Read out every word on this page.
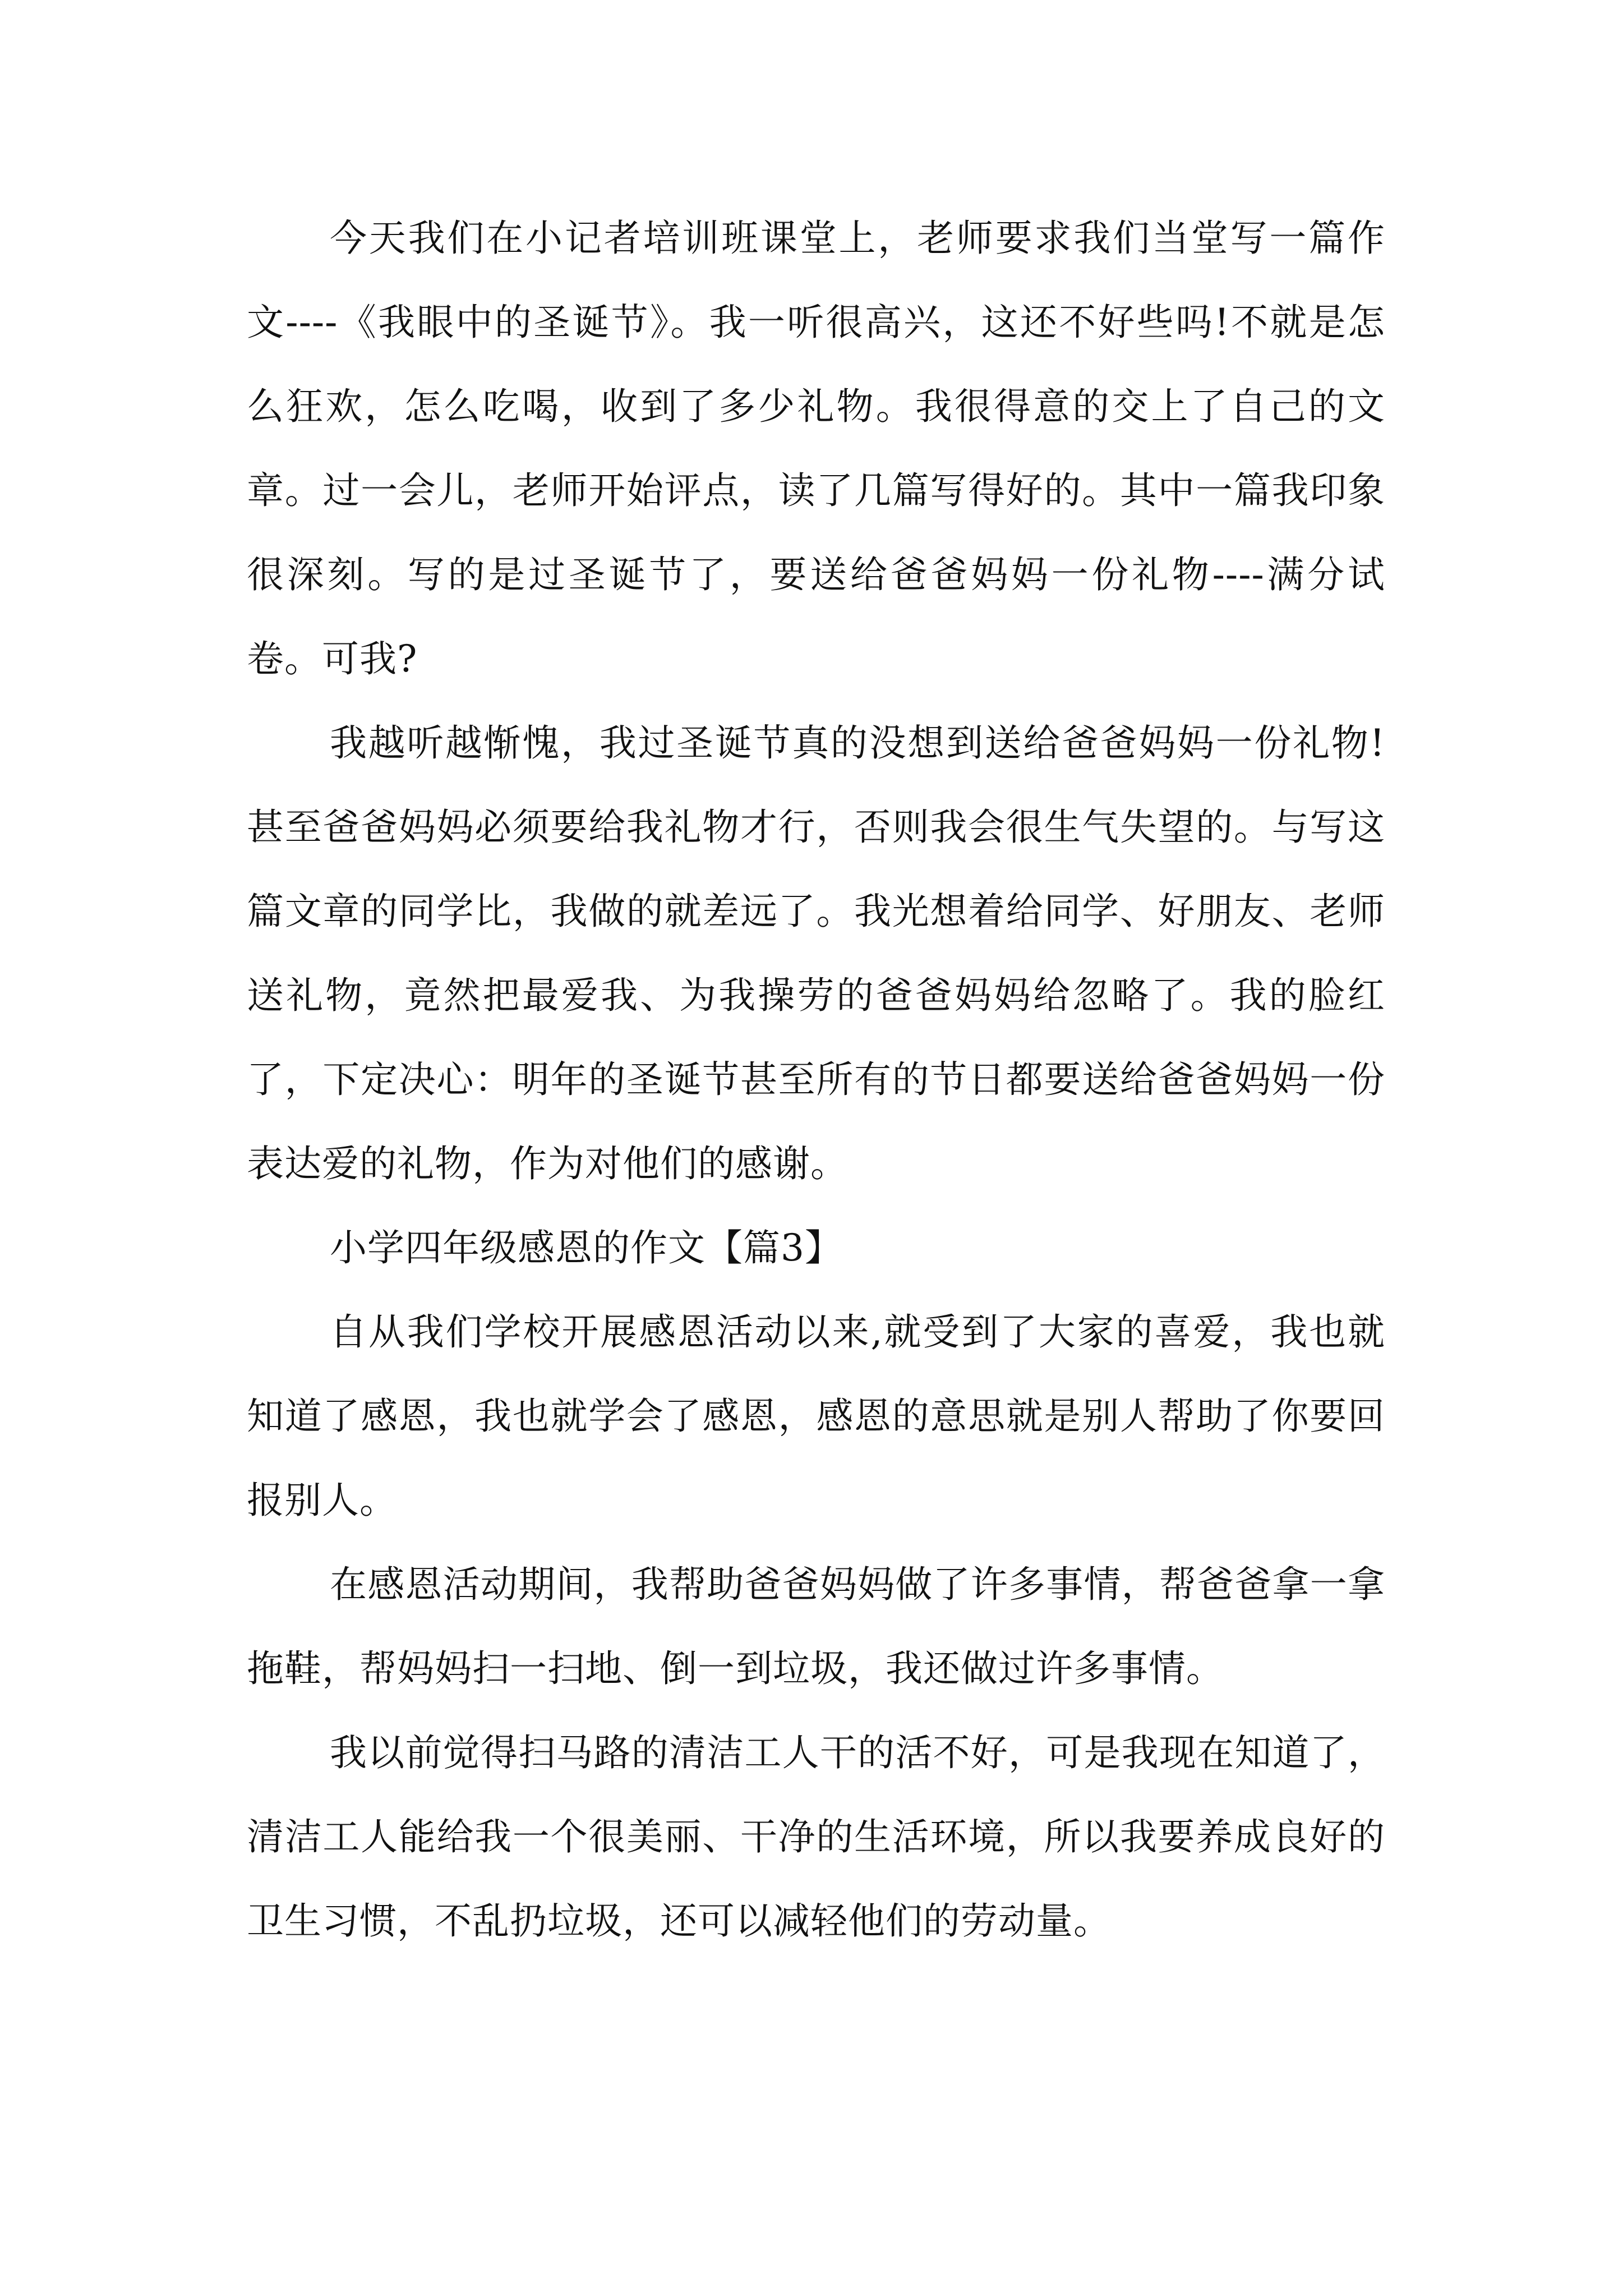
今天我们在小记者培训班课堂上，老师要求我们当堂写一篇作文----《我眼中的圣诞节》。我一听很高兴，这还不好些吗!不就是怎么狂欢，怎么吃喝，收到了多少礼物。我很得意的交上了自己的文章。过一会儿，老师开始评点，读了几篇写得好的。其中一篇我印象很深刻。写的是过圣诞节了，要送给爸爸妈妈一份礼物----满分试卷。可我?

我越听越惭愧，我过圣诞节真的没想到送给爸爸妈妈一份礼物!甚至爸爸妈妈必须要给我礼物才行，否则我会很生气失望的。与写这篇文章的同学比，我做的就差远了。我光想着给同学、好朋友、老师送礼物，竟然把最爱我、为我操劳的爸爸妈妈给忽略了。我的脸红了，下定决心：明年的圣诞节甚至所有的节日都要送给爸爸妈妈一份表达爱的礼物，作为对他们的感谢。

小学四年级感恩的作文【篇3】

自从我们学校开展感恩活动以来,就受到了大家的喜爱，我也就知道了感恩，我也就学会了感恩，感恩的意思就是别人帮助了你要回报别人。

在感恩活动期间，我帮助爸爸妈妈做了许多事情，帮爸爸拿一拿拖鞋，帮妈妈扫一扫地、倒一到垃圾，我还做过许多事情。

我以前觉得扫马路的清洁工人干的活不好，可是我现在知道了，清洁工人能给我一个很美丽、干净的生活环境，所以我要养成良好的卫生习惯，不乱扔垃圾，还可以减轻他们的劳动量。
